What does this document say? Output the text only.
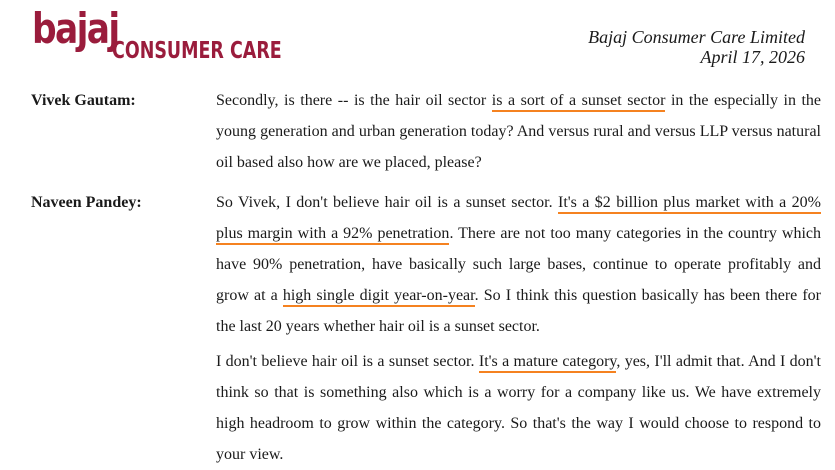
bajaj
CONSUMER CARE
Bajaj Consumer Care Limited
April 17, 2026
Vivek Gautam:	Secondly, is there -- is the hair oil sector is a sort of a sunset sector in the especially in the young generation and urban generation today? And versus rural and versus LLP versus natural oil based also how are we placed, please?

Naveen Pandey:	So Vivek, I don't believe hair oil is a sunset sector. It's a $2 billion plus market with a 20% plus margin with a 92% penetration. There are not too many categories in the country which have 90% penetration, have basically such large bases, continue to operate profitably and grow at a high single digit year-on-year. So I think this question basically has been there for the last 20 years whether hair oil is a sunset sector.

I don't believe hair oil is a sunset sector. It's a mature category, yes, I'll admit that. And I don't think so that is something also which is a worry for a company like us. We have extremely high headroom to grow within the category. So that's the way I would choose to respond to your view.
